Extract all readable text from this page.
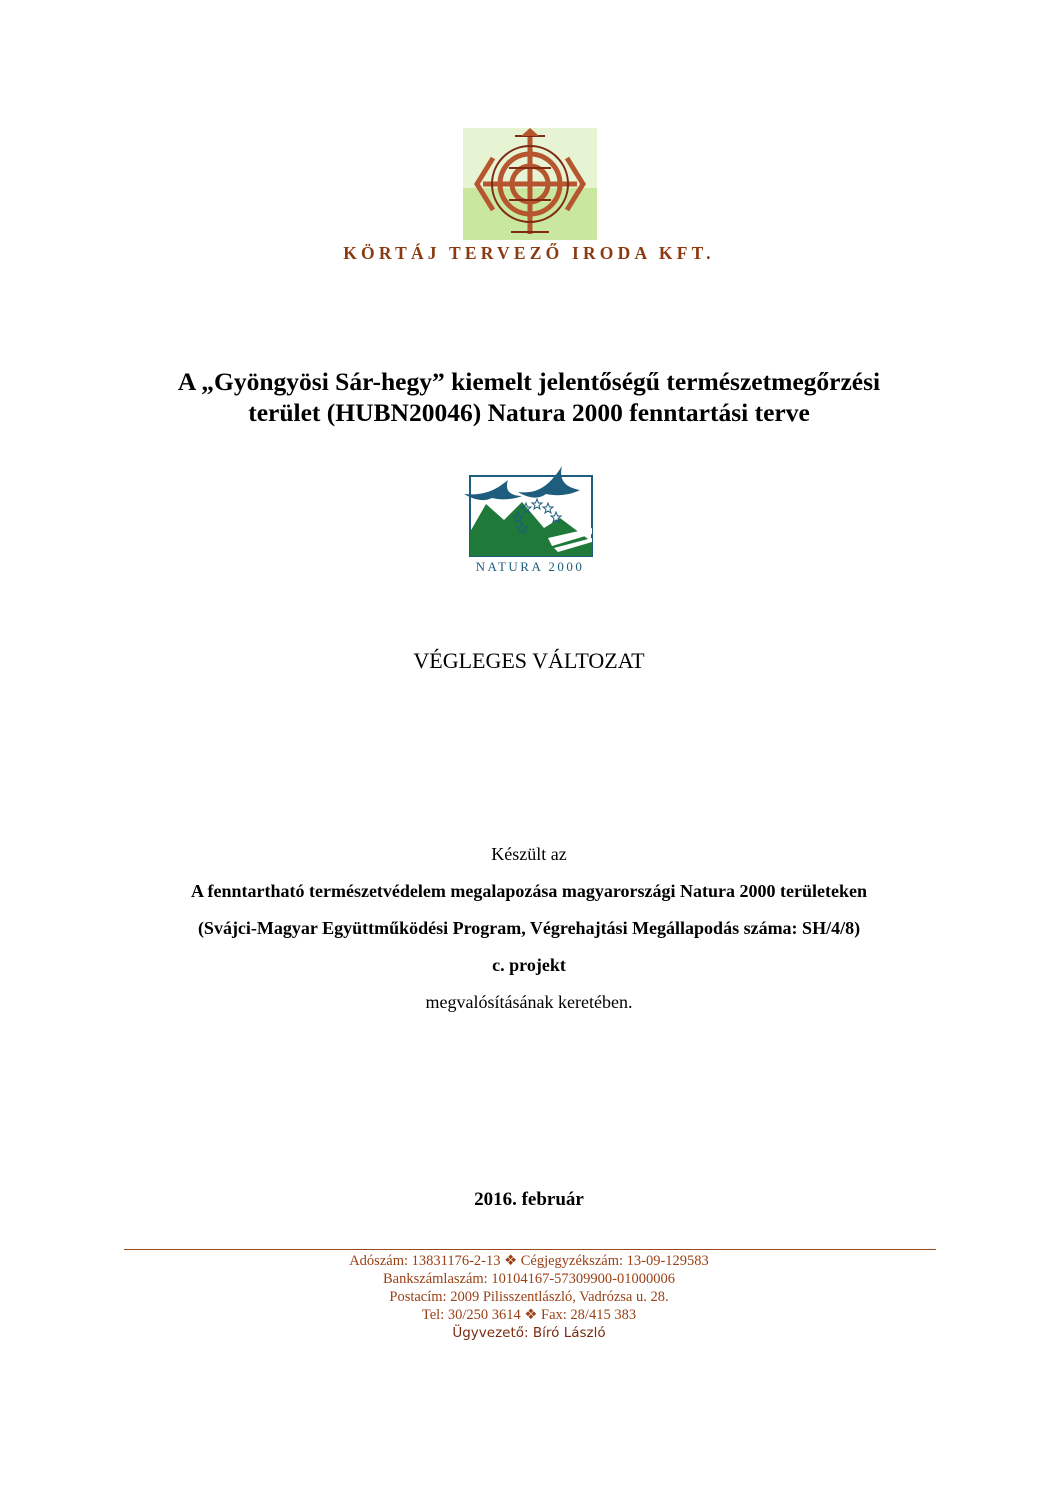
KÖRTÁJ TERVEZŐ IRODA KFT.
A „Gyöngyösi Sár-hegy” kiemelt jelentőségű természetmegőrzési
terület (HUBN20046) Natura 2000 fenntartási terve
NATURA 2000
VÉGLEGES VÁLTOZAT
Készült az
A fenntartható természetvédelem megalapozása magyarországi Natura 2000 területeken
(Svájci-Magyar Együttműködési Program, Végrehajtási Megállapodás száma: SH/4/8)
c. projekt
megvalósításának keretében.
2016. február
Adószám: 13831176-2-13 ❖ Cégjegyzékszám: 13-09-129583
Bankszámlaszám: 10104167-57309900-01000006
Postacím: 2009 Pilisszentlászló, Vadrózsa u. 28.
Tel: 30/250 3614 ❖ Fax: 28/415 383
Ügyvezető: Bíró László
